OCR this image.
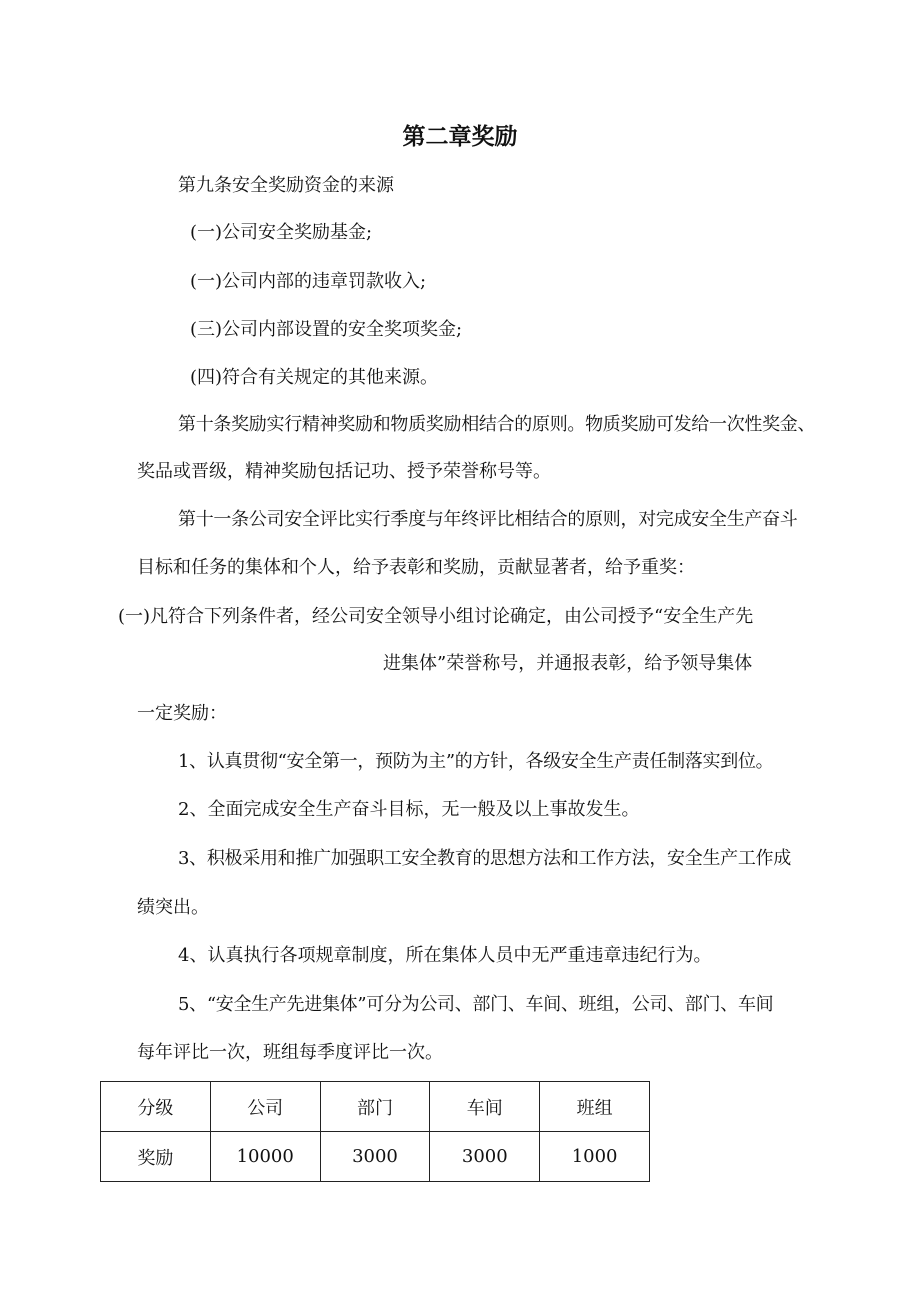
第二章奖励
第九条安全奖励资金的来源
(一)公司安全奖励基金;
(一)公司内部的违章罚款收入;
(三)公司内部设置的安全奖项奖金;
(四)符合有关规定的其他来源。
第十条奖励实行精神奖励和物质奖励相结合的原则。物质奖励可发给一次性奖金、
奖品或晋级，精神奖励包括记功、授予荣誉称号等。
第十一条公司安全评比实行季度与年终评比相结合的原则，对完成安全生产奋斗
目标和任务的集体和个人，给予表彰和奖励，贡献显著者，给予重奖：
(一)凡符合下列条件者，经公司安全领导小组讨论确定，由公司授予“安全生产先
进集体”荣誉称号，并通报表彰，给予领导集体
一定奖励：
1、认真贯彻“安全第一，预防为主”的方针，各级安全生产责任制落实到位。
2、全面完成安全生产奋斗目标，无一般及以上事故发生。
3、积极采用和推广加强职工安全教育的思想方法和工作方法，安全生产工作成
绩突出。
4、认真执行各项规章制度，所在集体人员中无严重违章违纪行为。
5、“安全生产先进集体”可分为公司、部门、车间、班组，公司、部门、车间
每年评比一次，班组每季度评比一次。
分级	公司	部门	车间	班组
奖励	10000	3000	3000	1000
